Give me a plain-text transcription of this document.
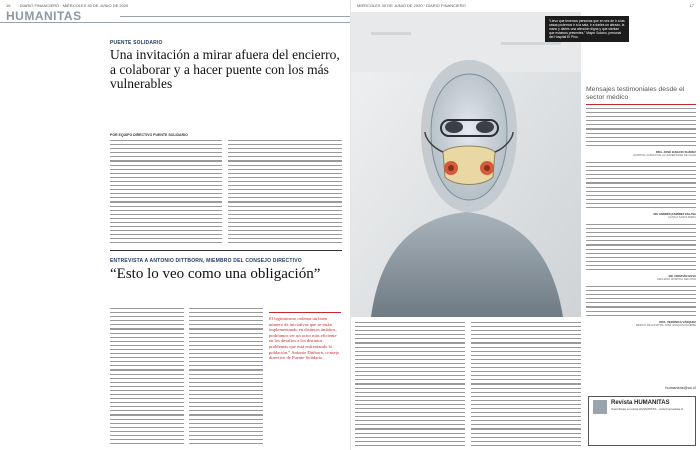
16 DIARIO FINANCIERO · MIÉRCOLES 30 DE JUNIO DE 2020
HUMANITAS
PUENTE SOLIDARIO
Una invitación a mirar afuera del encierro, a colaborar y a hacer puente con los más vulnerables
POR EQUIPO DIRECTIVO PUENTE SOLIDARIO
ENTREVISTA A ANTONIO DITTBORN, MIEMBRO DEL CONSEJO DIRECTIVO
“Esto lo veo como una obligación”
El legitimismo ordenar un buen número de iniciativas que se están implementando en distintos ámbitos, podríamos ser un actor más eficiente en los desafíos a los distintos problemas que está enfrentando la población.” Antonio Dittborn, consejo directivo de Puente Solidario.
MIÉRCOLES 30 DE JUNIO DE 2020 · DIARIO FINANCIERO	17
“Llevo que tenemos personas que en vez de ir a las casas podemos ir a la sala, ir a darles un abrazo, la mano y darles una atención digna y que sientan que estamos presentes.” Mayor Solano, personal del Hospital El Pino.
Mensajes testimoniales desde el sector médico
DRA. JOSÉ IGNACIO SUÁREZ
HOSPITAL CLÍNICO DE LA UNIVERSIDAD DE CHILE
DR. ANDRÉS RAMÍREZ ESLAVA
CLÍNICA SANTA MARÍA
DR. CRISTIÁN SILVA
CIRUJANO HOSPITAL DEL PINO
DRA. VERÓNICA VÁSQUEZ
MÉDICO DE HOSPITAL JOSÉ JOAQUÍN AGUIRRE
humanitas@uc.cl
Revista HUMANITAS
Suscríbase a revista HUMANITAS · www.humanitas.cl
